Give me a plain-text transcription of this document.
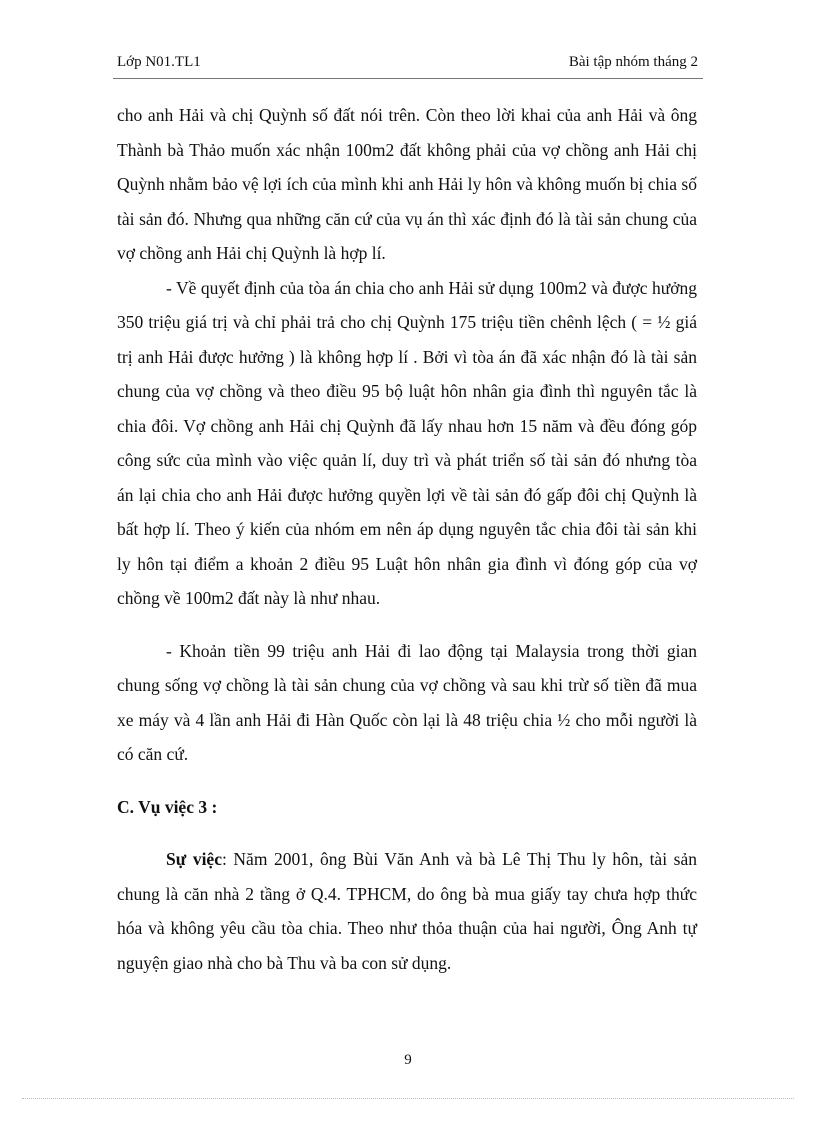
Lớp N01.TL1	Bài tập nhóm tháng 2

cho anh Hải và chị Quỳnh số đất nói trên. Còn theo lời khai của anh Hải và ông Thành bà Thảo muốn xác nhận 100m2 đất không phải của vợ chồng anh Hải chị Quỳnh nhằm bảo vệ lợi ích của mình khi anh Hải ly hôn và không muốn bị chia số tài sản đó. Nhưng qua những căn cứ của vụ án thì xác định đó là tài sản chung của vợ chồng anh Hải chị Quỳnh là hợp lí.

- Về quyết định của tòa án chia cho anh Hải sử dụng 100m2 và được hưởng 350 triệu giá trị và chỉ phải trả cho chị Quỳnh 175 triệu tiền chênh lệch ( = ½ giá trị anh Hải được hưởng ) là không hợp lí . Bởi vì tòa án đã xác nhận đó là tài sản chung của vợ chồng và theo điều 95 bộ luật hôn nhân gia đình thì nguyên tắc là chia đôi. Vợ chồng anh Hải chị Quỳnh đã lấy nhau hơn 15 năm và đều đóng góp công sức của mình vào việc quản lí, duy trì và phát triển số tài sản đó nhưng tòa án lại chia cho anh Hải được hưởng quyền lợi về tài sản đó gấp đôi chị Quỳnh là bất hợp lí. Theo ý kiến của nhóm em nên áp dụng nguyên tắc chia đôi tài sản khi ly hôn tại điểm a khoản 2 điều 95 Luật hôn nhân gia đình vì đóng góp của vợ chồng về 100m2 đất này là như nhau.

- Khoản tiền 99 triệu anh Hải đi lao động tại Malaysia trong thời gian chung sống vợ chồng là tài sản chung của vợ chồng và sau khi trừ số tiền đã mua xe máy và 4 lần anh Hải đi Hàn Quốc còn lại là 48 triệu chia ½ cho mỗi người là có căn cứ.

C. Vụ việc 3 :

Sự việc: Năm 2001, ông Bùi Văn Anh và bà Lê Thị Thu ly hôn, tài sản chung là căn nhà 2 tầng ở Q.4. TPHCM, do ông bà mua giấy tay chưa hợp thức hóa và không yêu cầu tòa chia. Theo như thỏa thuận của hai người, Ông Anh tự nguyện giao nhà cho bà Thu và ba con sử dụng.

9
